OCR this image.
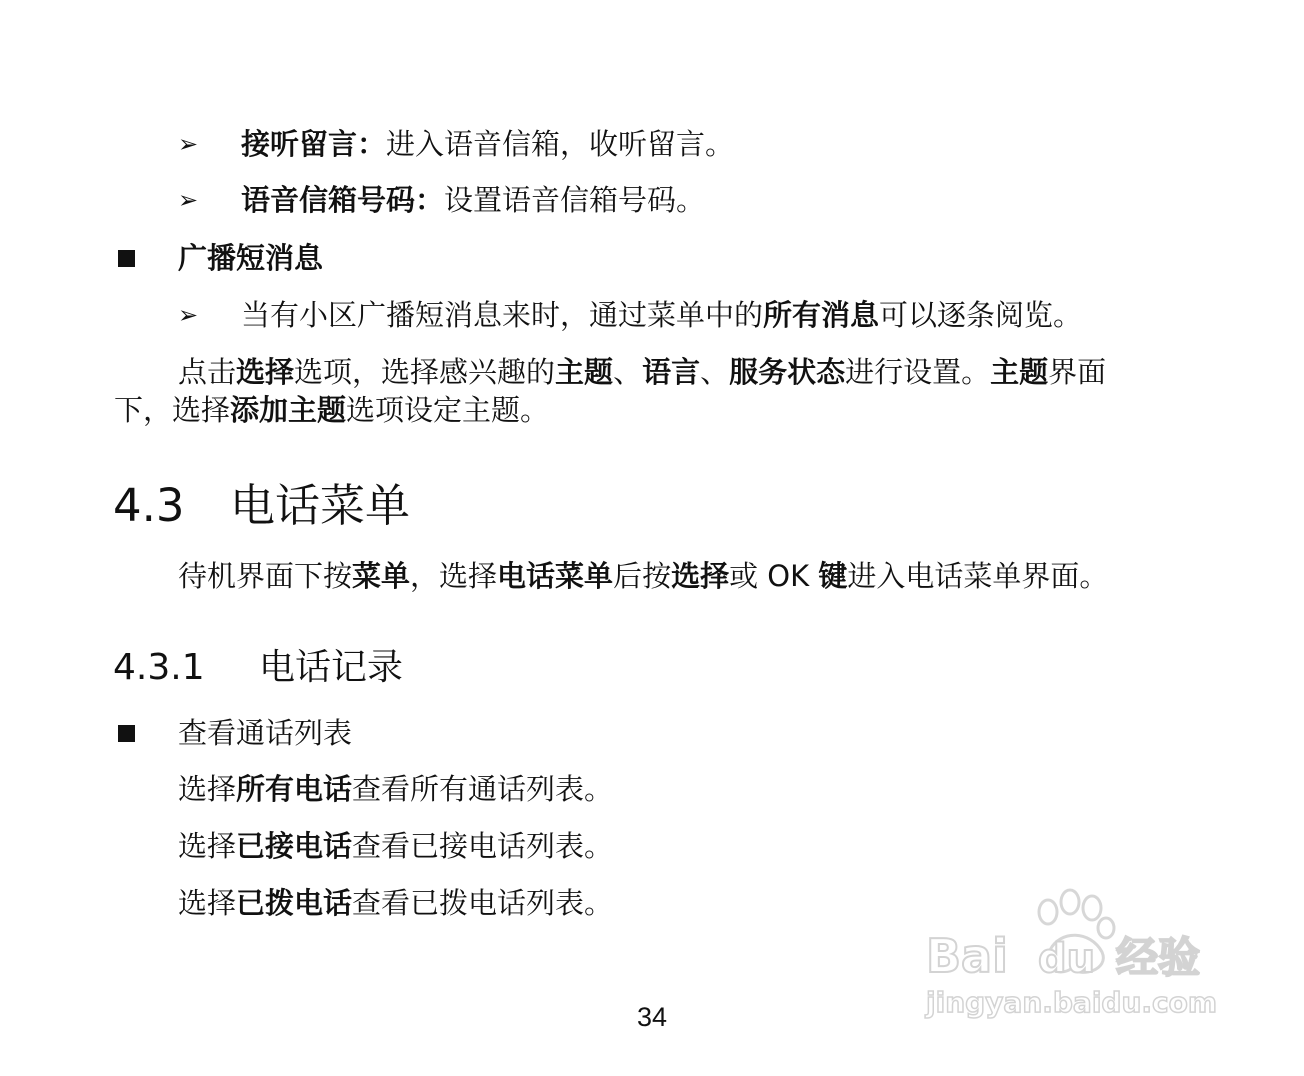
➢ 接听留言：进入语音信箱，收听留言。
➢ 语音信箱号码：设置语音信箱号码。
广播短消息
➢ 当有小区广播短消息来时，通过菜单中的所有消息可以逐条阅览。
点击选择选项，选择感兴趣的主题、语言、服务状态进行设置。主题界面
下，选择添加主题选项设定主题。
4.3 电话菜单
待机界面下按菜单，选择电话菜单后按选择或 OK 键进入电话菜单界面。
4.3.1 电话记录
查看通话列表
选择所有电话查看所有通话列表。
选择已接电话查看已接电话列表。
选择已拨电话查看已拨电话列表。
34
Bai du 经验
jingyan.baidu.com
